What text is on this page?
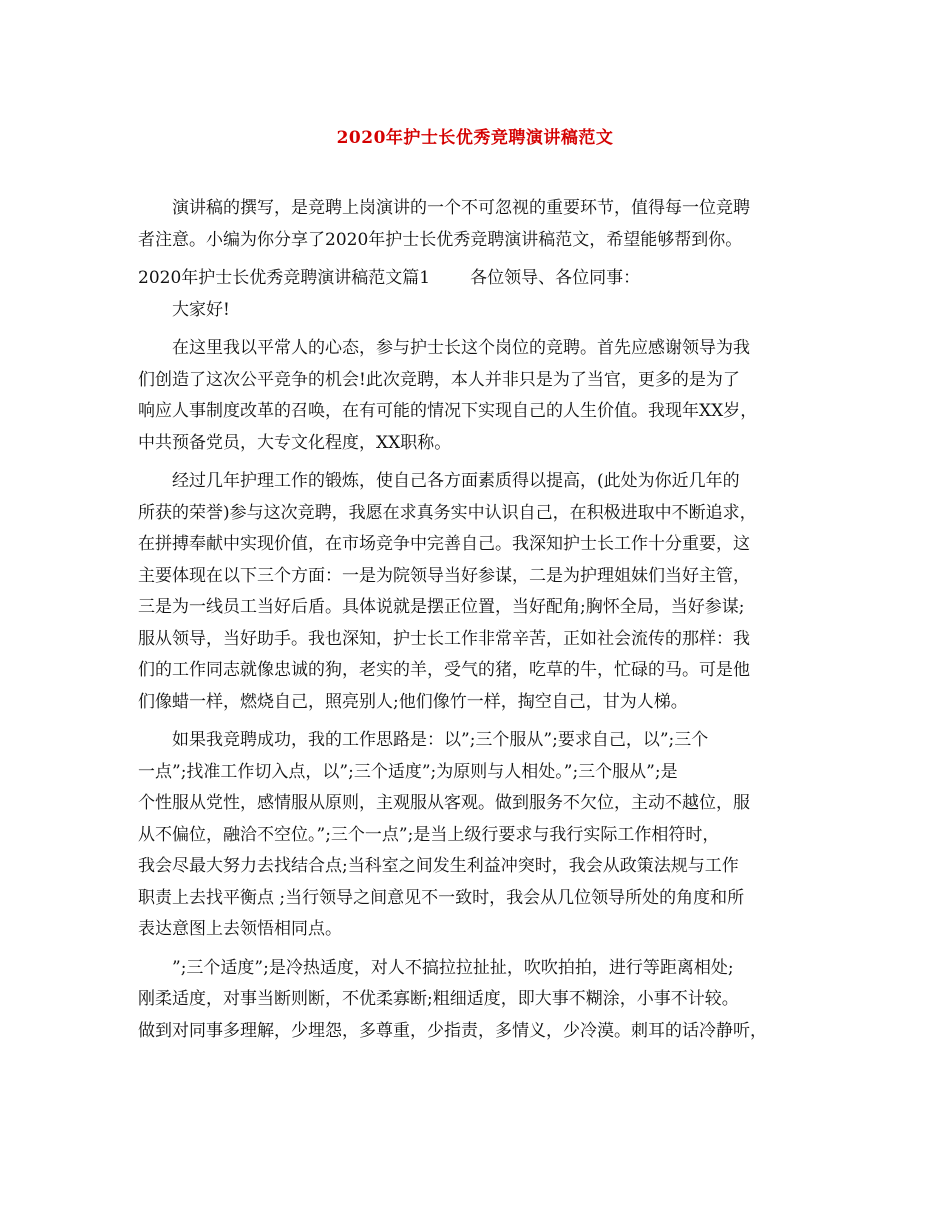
2020年护士长优秀竞聘演讲稿范文
演讲稿的撰写，是竞聘上岗演讲的一个不可忽视的重要环节，值得每一位竞聘
者注意。小编为你分享了2020年护士长优秀竞聘演讲稿范文，希望能够帮到你。
2020年护士长优秀竞聘演讲稿范文篇1 各位领导、各位同事：
大家好!
在这里我以平常人的心态，参与护士长这个岗位的竞聘。首先应感谢领导为我
们创造了这次公平竞争的机会!此次竞聘，本人并非只是为了当官，更多的是为了
响应人事制度改革的召唤，在有可能的情况下实现自己的人生价值。我现年XX岁，
中共预备党员，大专文化程度，XX职称。
经过几年护理工作的锻炼，使自己各方面素质得以提高，(此处为你近几年的
所获的荣誉)参与这次竞聘，我愿在求真务实中认识自己，在积极进取中不断追求，
在拼搏奉献中实现价值，在市场竞争中完善自己。我深知护士长工作十分重要，这
主要体现在以下三个方面：一是为院领导当好参谋，二是为护理姐妹们当好主管，
三是为一线员工当好后盾。具体说就是摆正位置，当好配角;胸怀全局，当好参谋;
服从领导，当好助手。我也深知，护士长工作非常辛苦，正如社会流传的那样：我
们的工作同志就像忠诚的狗，老实的羊，受气的猪，吃草的牛，忙碌的马。可是他
们像蜡一样，燃烧自己，照亮别人;他们像竹一样，掏空自己，甘为人梯。
如果我竞聘成功，我的工作思路是：以”;三个服从”;要求自己，以”;三个
一点”;找准工作切入点，以”;三个适度”;为原则与人相处。”;三个服从”;是
个性服从党性，感情服从原则，主观服从客观。做到服务不欠位，主动不越位，服
从不偏位，融洽不空位。”;三个一点”;是当上级行要求与我行实际工作相符时，
我会尽最大努力去找结合点;当科室之间发生利益冲突时，我会从政策法规与工作
职责上去找平衡点 ;当行领导之间意见不一致时，我会从几位领导所处的角度和所
表达意图上去领悟相同点。
”;三个适度”;是冷热适度，对人不搞拉拉扯扯，吹吹拍拍，进行等距离相处;
刚柔适度，对事当断则断，不优柔寡断;粗细适度，即大事不糊涂，小事不计较。
做到对同事多理解，少埋怨，多尊重，少指责，多情义，少冷漠。刺耳的话冷静听，
